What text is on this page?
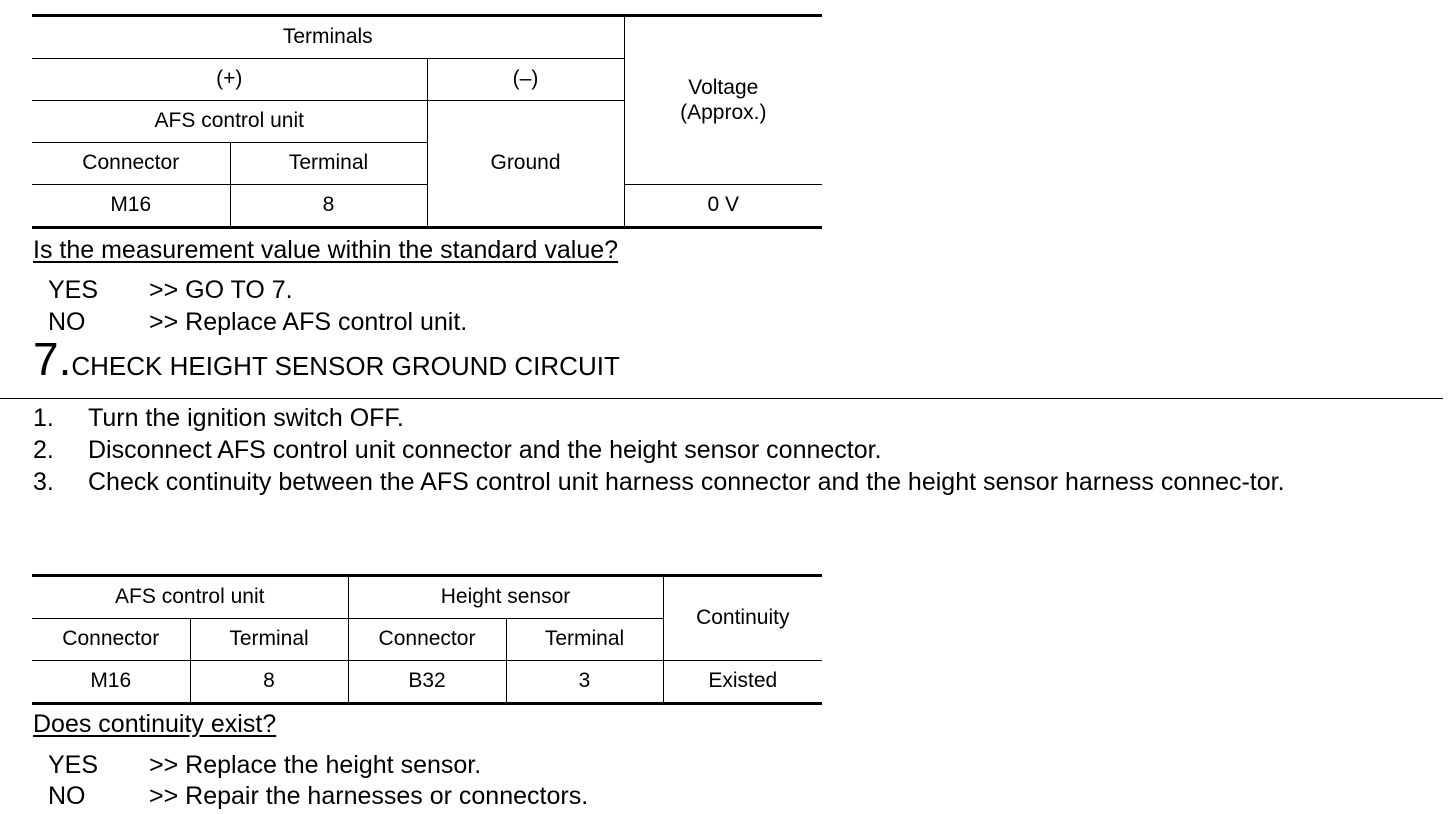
Terminals			Voltage
(Approx.)
(+)		(–)	
AFS control unit		Ground	
Connector	Terminal		
M16	8		0 V
Is the measurement value within the standard value?
YES >> GO TO 7.
NO	>> Replace AFS control unit.
7.CHECK HEIGHT SENSOR GROUND CIRCUIT
1. Turn the ignition switch OFF.
2. Disconnect AFS control unit connector and the height sensor connector.
3. Check continuity between the AFS control unit harness connector and the height sensor harness connec-tor.
AFS control unit		Height sensor		Continuity
Connector	Terminal	Connector	Terminal	
M16	8	B32	3	Existed
Does continuity exist?
YES >> Replace the height sensor.
NO	>> Repair the harnesses or connectors.
